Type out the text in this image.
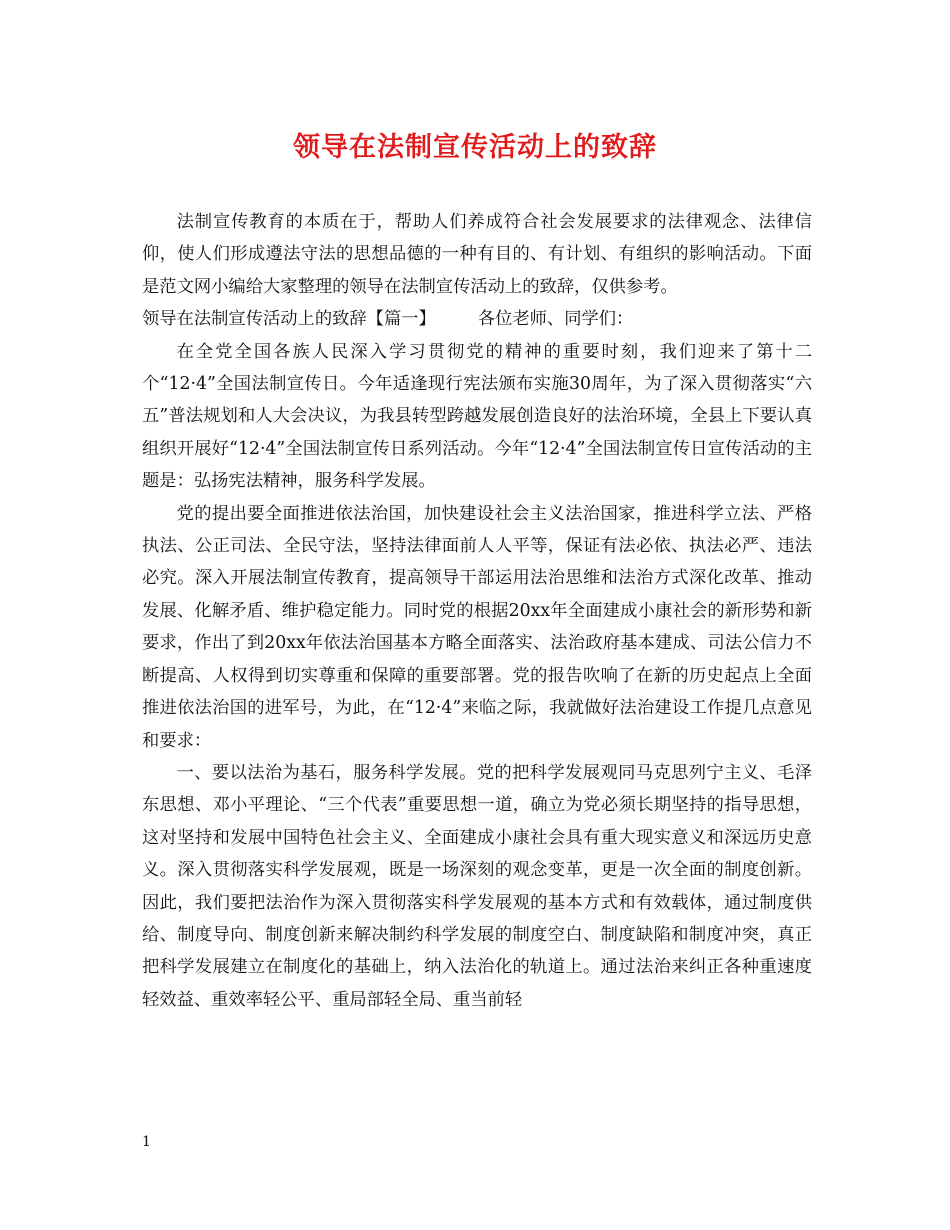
领导在法制宣传活动上的致辞

法制宣传教育的本质在于，帮助人们养成符合社会发展要求的法律观念、法律信仰，使人们形成遵法守法的思想品德的一种有目的、有计划、有组织的影响活动。下面是范文网小编给大家整理的领导在法制宣传活动上的致辞，仅供参考。

领导在法制宣传活动上的致辞【篇一】 各位老师、同学们：

在全党全国各族人民深入学习贯彻党的精神的重要时刻，我们迎来了第十二个“12·4”全国法制宣传日。今年适逢现行宪法颁布实施30周年，为了深入贯彻落实“六五”普法规划和人大会决议，为我县转型跨越发展创造良好的法治环境，全县上下要认真组织开展好“12·4”全国法制宣传日系列活动。今年“12·4”全国法制宣传日宣传活动的主题是：弘扬宪法精神，服务科学发展。

党的提出要全面推进依法治国，加快建设社会主义法治国家，推进科学立法、严格执法、公正司法、全民守法，坚持法律面前人人平等，保证有法必依、执法必严、违法必究。深入开展法制宣传教育，提高领导干部运用法治思维和法治方式深化改革、推动发展、化解矛盾、维护稳定能力。同时党的根据20xx年全面建成小康社会的新形势和新要求，作出了到20xx年依法治国基本方略全面落实、法治政府基本建成、司法公信力不断提高、人权得到切实尊重和保障的重要部署。党的报告吹响了在新的历史起点上全面推进依法治国的进军号，为此，在“12·4”来临之际，我就做好法治建设工作提几点意见和要求：

一、要以法治为基石，服务科学发展。党的把科学发展观同马克思列宁主义、毛泽东思想、邓小平理论、“三个代表”重要思想一道，确立为党必须长期坚持的指导思想，这对坚持和发展中国特色社会主义、全面建成小康社会具有重大现实意义和深远历史意义。深入贯彻落实科学发展观，既是一场深刻的观念变革，更是一次全面的制度创新。因此，我们要把法治作为深入贯彻落实科学发展观的基本方式和有效载体，通过制度供给、制度导向、制度创新来解决制约科学发展的制度空白、制度缺陷和制度冲突，真正把科学发展建立在制度化的基础上，纳入法治化的轨道上。通过法治来纠正各种重速度轻效益、重效率轻公平、重局部轻全局、重当前轻

1
